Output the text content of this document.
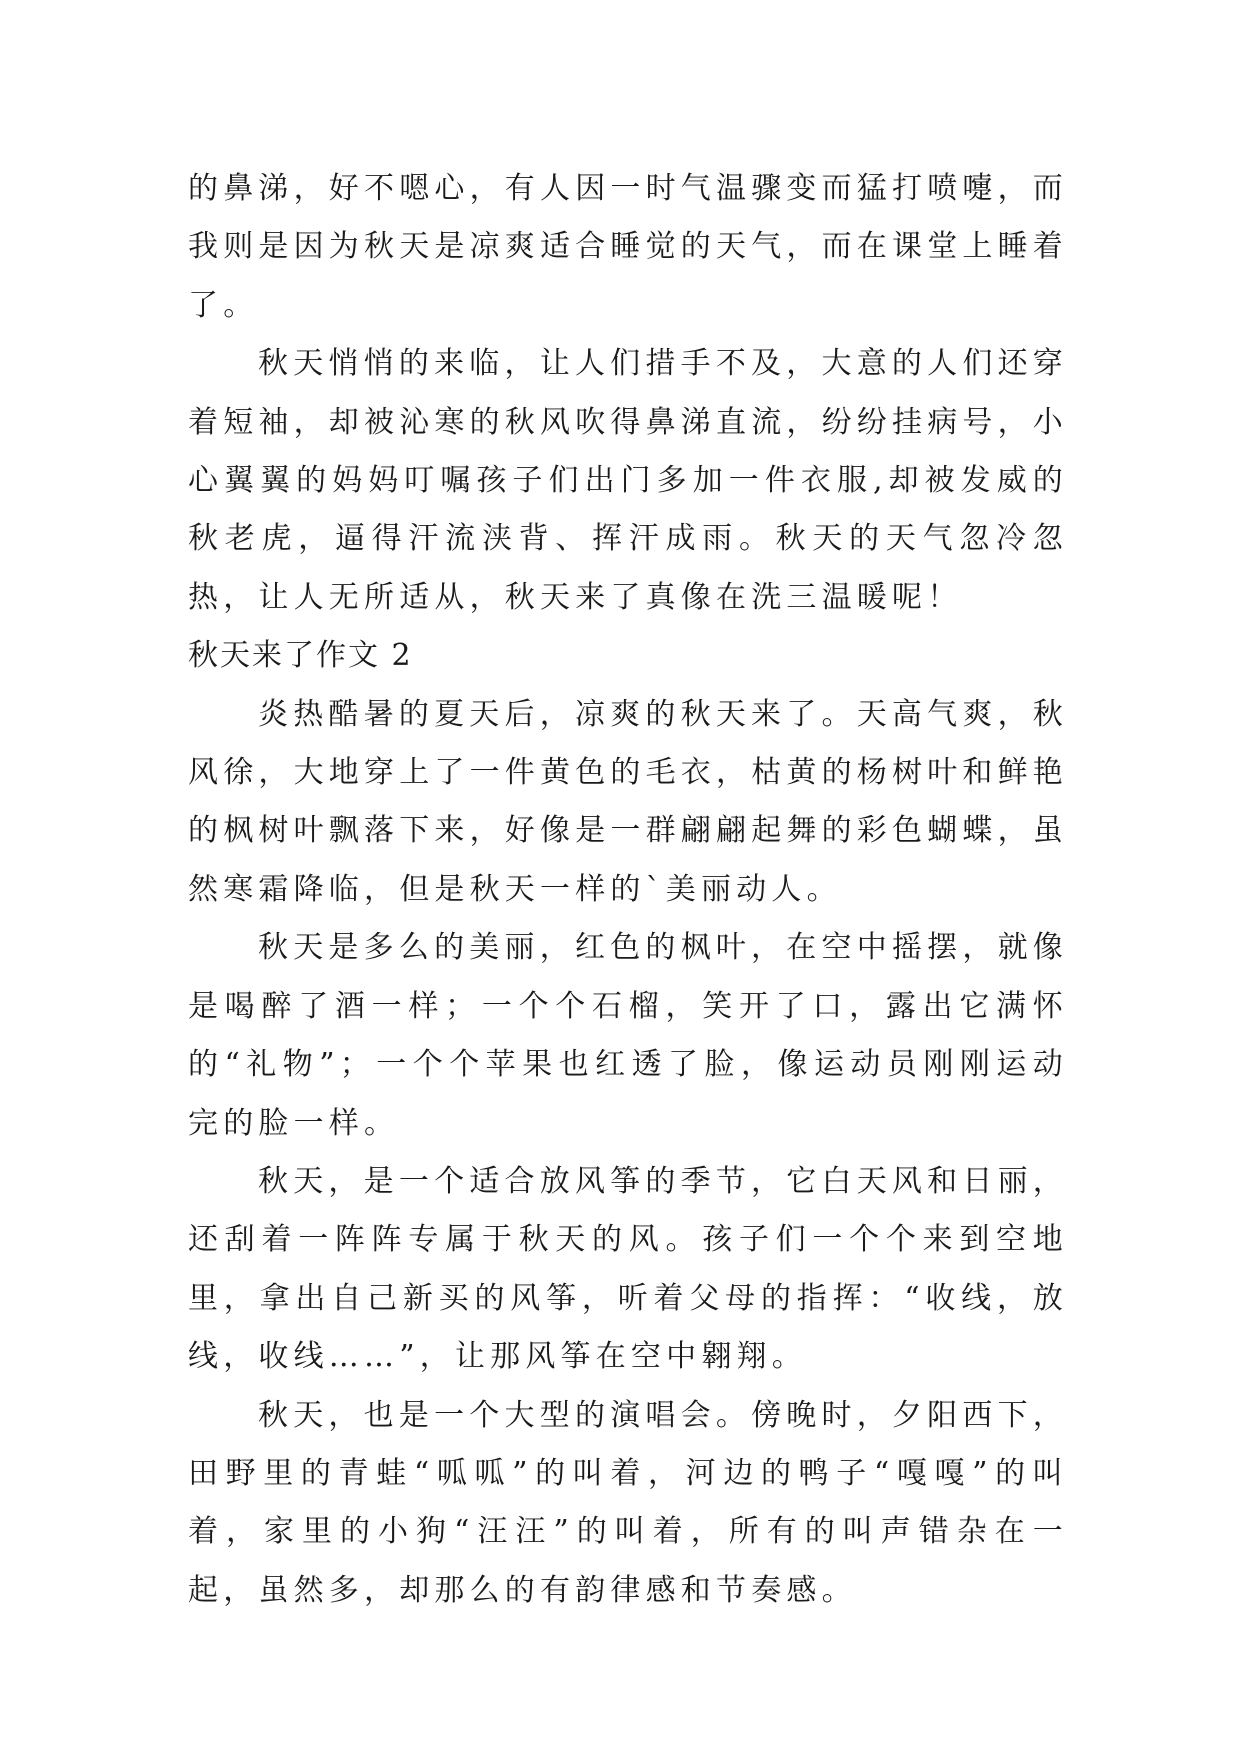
的鼻涕，好不嗯心，有人因一时气温骤变而猛打喷嚏，而我则是因为秋天是凉爽适合睡觉的天气，而在课堂上睡着了。

秋天悄悄的来临，让人们措手不及，大意的人们还穿着短袖，却被沁寒的秋风吹得鼻涕直流，纷纷挂病号，小心翼翼的妈妈叮嘱孩子们出门多加一件衣服,却被发威的秋老虎，逼得汗流浃背、挥汗成雨。秋天的天气忽冷忽热，让人无所适从，秋天来了真像在洗三温暖呢！

秋天来了作文 2

炎热酷暑的夏天后，凉爽的秋天来了。天高气爽，秋风徐，大地穿上了一件黄色的毛衣，枯黄的杨树叶和鲜艳的枫树叶飘落下来，好像是一群翩翩起舞的彩色蝴蝶，虽然寒霜降临，但是秋天一样的`美丽动人。

秋天是多么的美丽，红色的枫叶，在空中摇摆，就像是喝醉了酒一样；一个个石榴，笑开了口，露出它满怀的“礼物”；一个个苹果也红透了脸，像运动员刚刚运动完的脸一样。

秋天，是一个适合放风筝的季节，它白天风和日丽，还刮着一阵阵专属于秋天的风。孩子们一个个来到空地里，拿出自己新买的风筝，听着父母的指挥：“收线，放线，收线……”，让那风筝在空中翱翔。

秋天，也是一个大型的演唱会。傍晚时，夕阳西下，田野里的青蛙“呱呱”的叫着，河边的鸭子“嘎嘎”的叫着，家里的小狗“汪汪”的叫着，所有的叫声错杂在一起，虽然多，却那么的有韵律感和节奏感。
